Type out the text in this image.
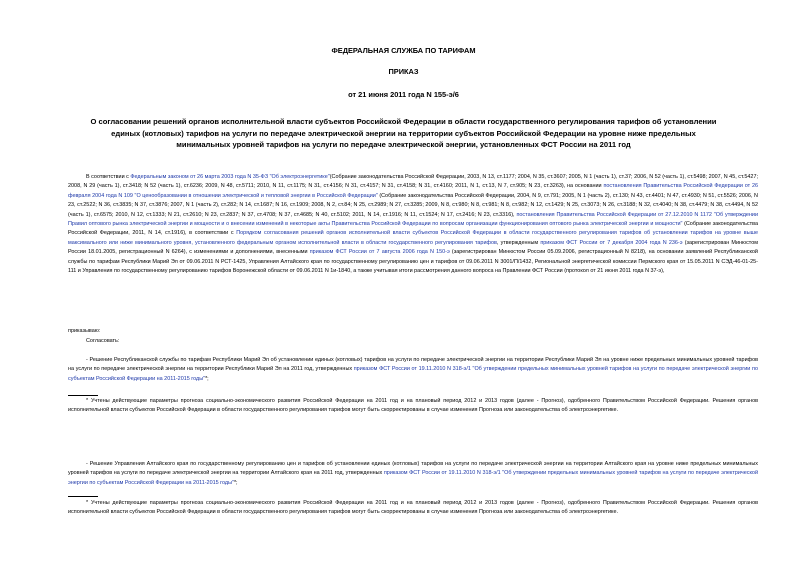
ФЕДЕРАЛЬНАЯ СЛУЖБА ПО ТАРИФАМ
ПРИКАЗ
от 21 июня 2011 года N 155-э/6
О согласовании решений органов исполнительной власти субъектов Российской Федерации в области государственного регулирования тарифов об установлении единых (котловых) тарифов на услуги по передаче электрической энергии на территории субъектов Российской Федерации на уровне ниже предельных минимальных уровней тарифов на услуги по передаче электрической энергии, установленных ФСТ России на 2011 год

В соответствии с Федеральным законом от 26 марта 2003 года N 35-ФЗ "Об электроэнергетике"(Собрание законодательства Российской Федерации, 2003, N 13, ст.1177; 2004, N 35, ст.3607; 2005, N 1 (часть 1), ст.37; 2006, N 52 (часть 1), ст.5498; 2007, N 45, ст.5427; 2008, N 29 (часть 1), ст.3418; N 52 (часть 1), ст.6236; 2009, N 48, ст.5711; 2010, N 11, ст.1175; N 31, ст.4156; N 31, ст.4157; N 31, ст.4158; N 31, ст.4160; 2011, N 1, ст.13, N 7, ст.905; N 23, ст.3263), на основании постановления Правительства Российской Федерации от 26 февраля 2004 года N 109 "О ценообразовании в отношении электрической и тепловой энергии в Российской Федерации" (Собрание законодательства Российской Федерации, 2004, N 9, ст.791; 2005, N 1 (часть 2), ст.130; N 43, ст.4401; N 47, ст.4930; N 51, ст.5526; 2006, N 23, ст.2522; N 36, ст.3835; N 37, ст.3876; 2007, N 1 (часть 2), ст.282; N 14, ст.1687; N 16, ст.1909; 2008, N 2, ст.84; N 25, ст.2989; N 27, ст.3285; 2009, N 8, ст.980; N 8, ст.981; N 8, ст.982; N 12, ст.1429; N 25, ст.3073; N 26, ст.3188; N 32, ст.4040; N 38, ст.4479; N 38, ст.4494, N 52 (часть 1), ст.6575; 2010, N 12, ст.1333; N 21, ст.2610; N 23, ст.2837; N 37, ст.4708; N 37, ст.4685; N 40, ст.5102; 2011, N 14, ст.1916; N 11, ст.1524; N 17, ст.2416; N 23, ст.3316), постановления Правительства Российской Федерации от 27.12.2010 N 1172 "Об утверждении Правил оптового рынка электрической энергии и мощности и о внесении изменений в некоторые акты Правительства Российской Федерации по вопросам организации функционирования оптового рынка электрической энергии и мощности" (Собрание законодательства Российской Федерации, 2011, N 14, ст.1916), в соответствии с Порядком согласования решений органов исполнительной власти субъектов Российской Федерации в области государственного регулирования тарифов об установлении тарифов на уровне выше максимального или ниже минимального уровня, установленного федеральным органом исполнительной власти в области государственного регулирования тарифов, утвержденным приказом ФСТ России от 7 декабря 2004 года N 236-э (зарегистрирован Минюстом России 18.01.2005, регистрационный N 6264), с изменениями и дополнениями, внесенными приказом ФСТ России от 7 августа 2006 года N 150-э (зарегистрирован Минюстом России 05.09.2006, регистрационный N 8218), на основании заявлений Республиканской службы по тарифам Республики Марий Эл от 09.06.2011 N РСТ-1425, Управления Алтайского края по государственному регулированию цен и тарифов от 09.06.2011 N 3001/П/1432, Региональной энергетической комиссии Пермского края от 15.05.2011 N СЭД-46-01-25-111 и Управления по государственному регулированию тарифов Воронежской области от 09.06.2011 N 1и-1840, а также учитывая итоги рассмотрения данного вопроса на Правлении ФСТ России (протокол от 21 июня 2011 года N 37-э),

приказываю:

Согласовать:

- Решение Республиканской службы по тарифам Республики Марий Эл об установлении единых (котловых) тарифов на услуги по передаче электрической энергии на территории Республики Марий Эл на уровне ниже предельных минимальных уровней тарифов на услуги по передаче электрической энергии на территории Республики Марий Эл на 2011 год, утвержденных приказом ФСТ России от 19.11.2010 N 318-э/1 "Об утверждении предельных минимальных уровней тарифов на услуги по передаче электрической энергии по субъектам Российской Федерации на 2011-2015 годы"*;

* Учтены действующие параметры прогноза социально-экономического развития Российской Федерации на 2011 год и на плановый период 2012 и 2013 годов (далее - Прогноз), одобренного Правительством Российской Федерации. Решения органов исполнительной власти субъектов Российской Федерации в области государственного регулирования тарифов могут быть скорректированы в случае изменения Прогноза или законодательства об электроэнергетике.

- Решение Управления Алтайского края по государственному регулированию цен и тарифов об установлении единых (котловых) тарифов на услуги по передаче электрической энергии на территории Алтайского края на уровне ниже предельных минимальных уровней тарифов на услуги по передаче электрической энергии на территории Алтайского края на 2011 год, утвержденных приказом ФСТ России от 19.11.2010 N 318-э/1 "Об утверждении предельных минимальных уровней тарифов на услуги по передаче электрической энергии по субъектам Российской Федерации на 2011-2015 годы"*;

* Учтены действующие параметры прогноза социально-экономического развития Российской Федерации на 2011 год и на плановый период 2012 и 2013 годов (далее - Прогноз), одобренного Правительством Российской Федерации. Решения органов исполнительной власти субъектов Российской Федерации в области государственного регулирования тарифов могут быть скорректированы в случае изменения Прогноза или законодательства об электроэнергетике.
